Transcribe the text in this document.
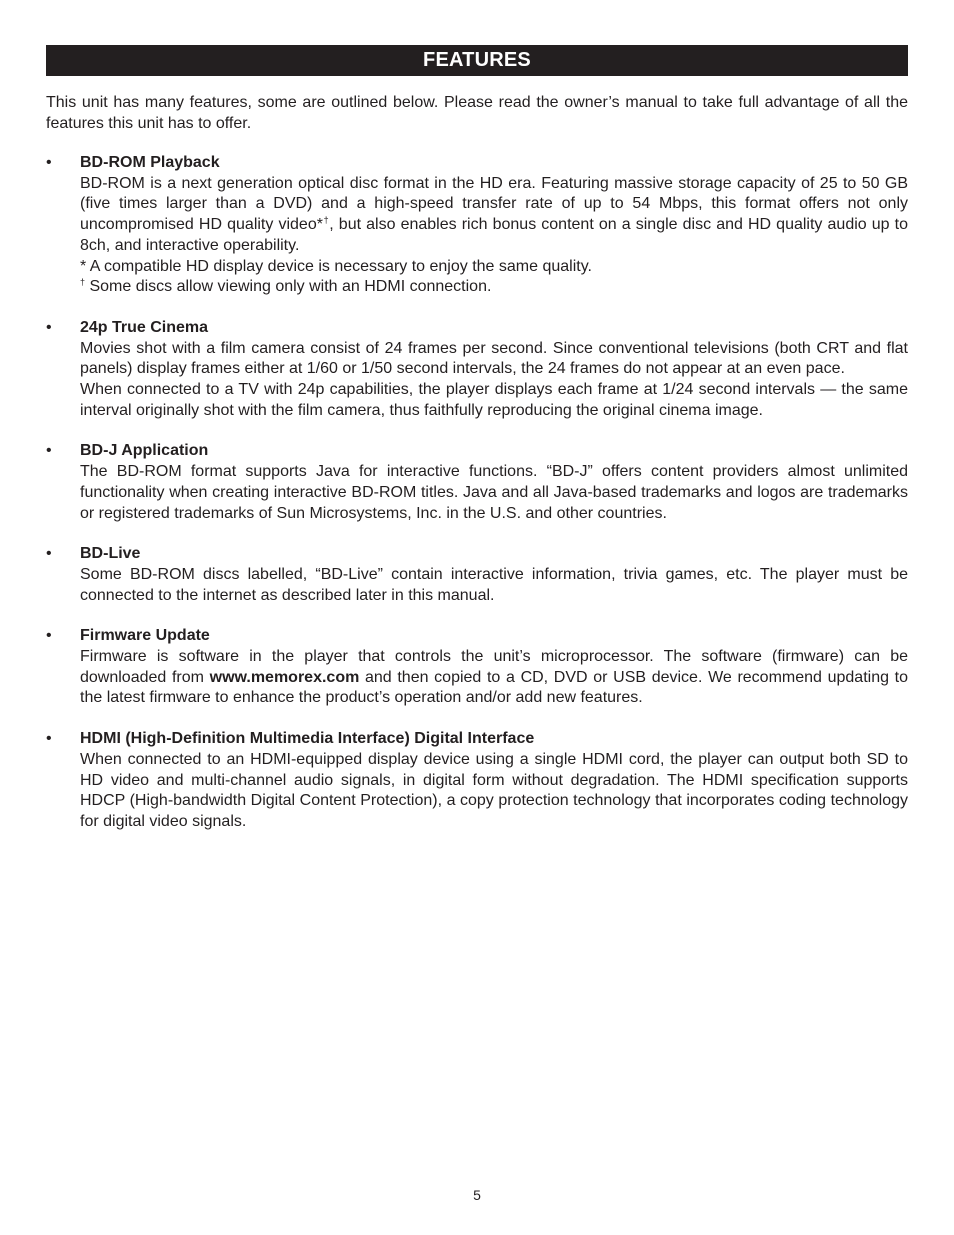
FEATURES

This unit has many features, some are outlined below. Please read the owner’s manual to take full advantage of all the features this unit has to offer.

• BD-ROM Playback
BD-ROM is a next generation optical disc format in the HD era. Featuring massive storage capacity of 25 to 50 GB (five times larger than a DVD) and a high-speed transfer rate of up to 54 Mbps, this format offers not only uncompromised HD quality video*†, but also enables rich bonus content on a single disc and HD quality audio up to 8ch, and interactive operability.
* A compatible HD display device is necessary to enjoy the same quality.
† Some discs allow viewing only with an HDMI connection.
• 24p True Cinema
Movies shot with a film camera consist of 24 frames per second. Since conventional televisions (both CRT and flat panels) display frames either at 1/60 or 1/50 second intervals, the 24 frames do not appear at an even pace.
When connected to a TV with 24p capabilities, the player displays each frame at 1/24 second intervals — the same interval originally shot with the film camera, thus faithfully reproducing the original cinema image.
• BD-J Application
The BD-ROM format supports Java for interactive functions. “BD-J” offers content providers almost unlimited functionality when creating interactive BD-ROM titles. Java and all Java-based trademarks and logos are trademarks or registered trademarks of Sun Microsystems, Inc. in the U.S. and other countries.
• BD-Live
Some BD-ROM discs labelled, “BD-Live” contain interactive information, trivia games, etc. The player must be connected to the internet as described later in this manual.
• Firmware Update
Firmware is software in the player that controls the unit’s microprocessor. The software (firmware) can be downloaded from www.memorex.com and then copied to a CD, DVD or USB device. We recommend updating to the latest firmware to enhance the product’s operation and/or add new features.
• HDMI (High-Definition Multimedia Interface) Digital Interface
When connected to an HDMI-equipped display device using a single HDMI cord, the player can output both SD to HD video and multi-channel audio signals, in digital form without degradation. The HDMI specification supports HDCP (High-bandwidth Digital Content Protection), a copy protection technology that incorporates coding technology for digital video signals.
5
